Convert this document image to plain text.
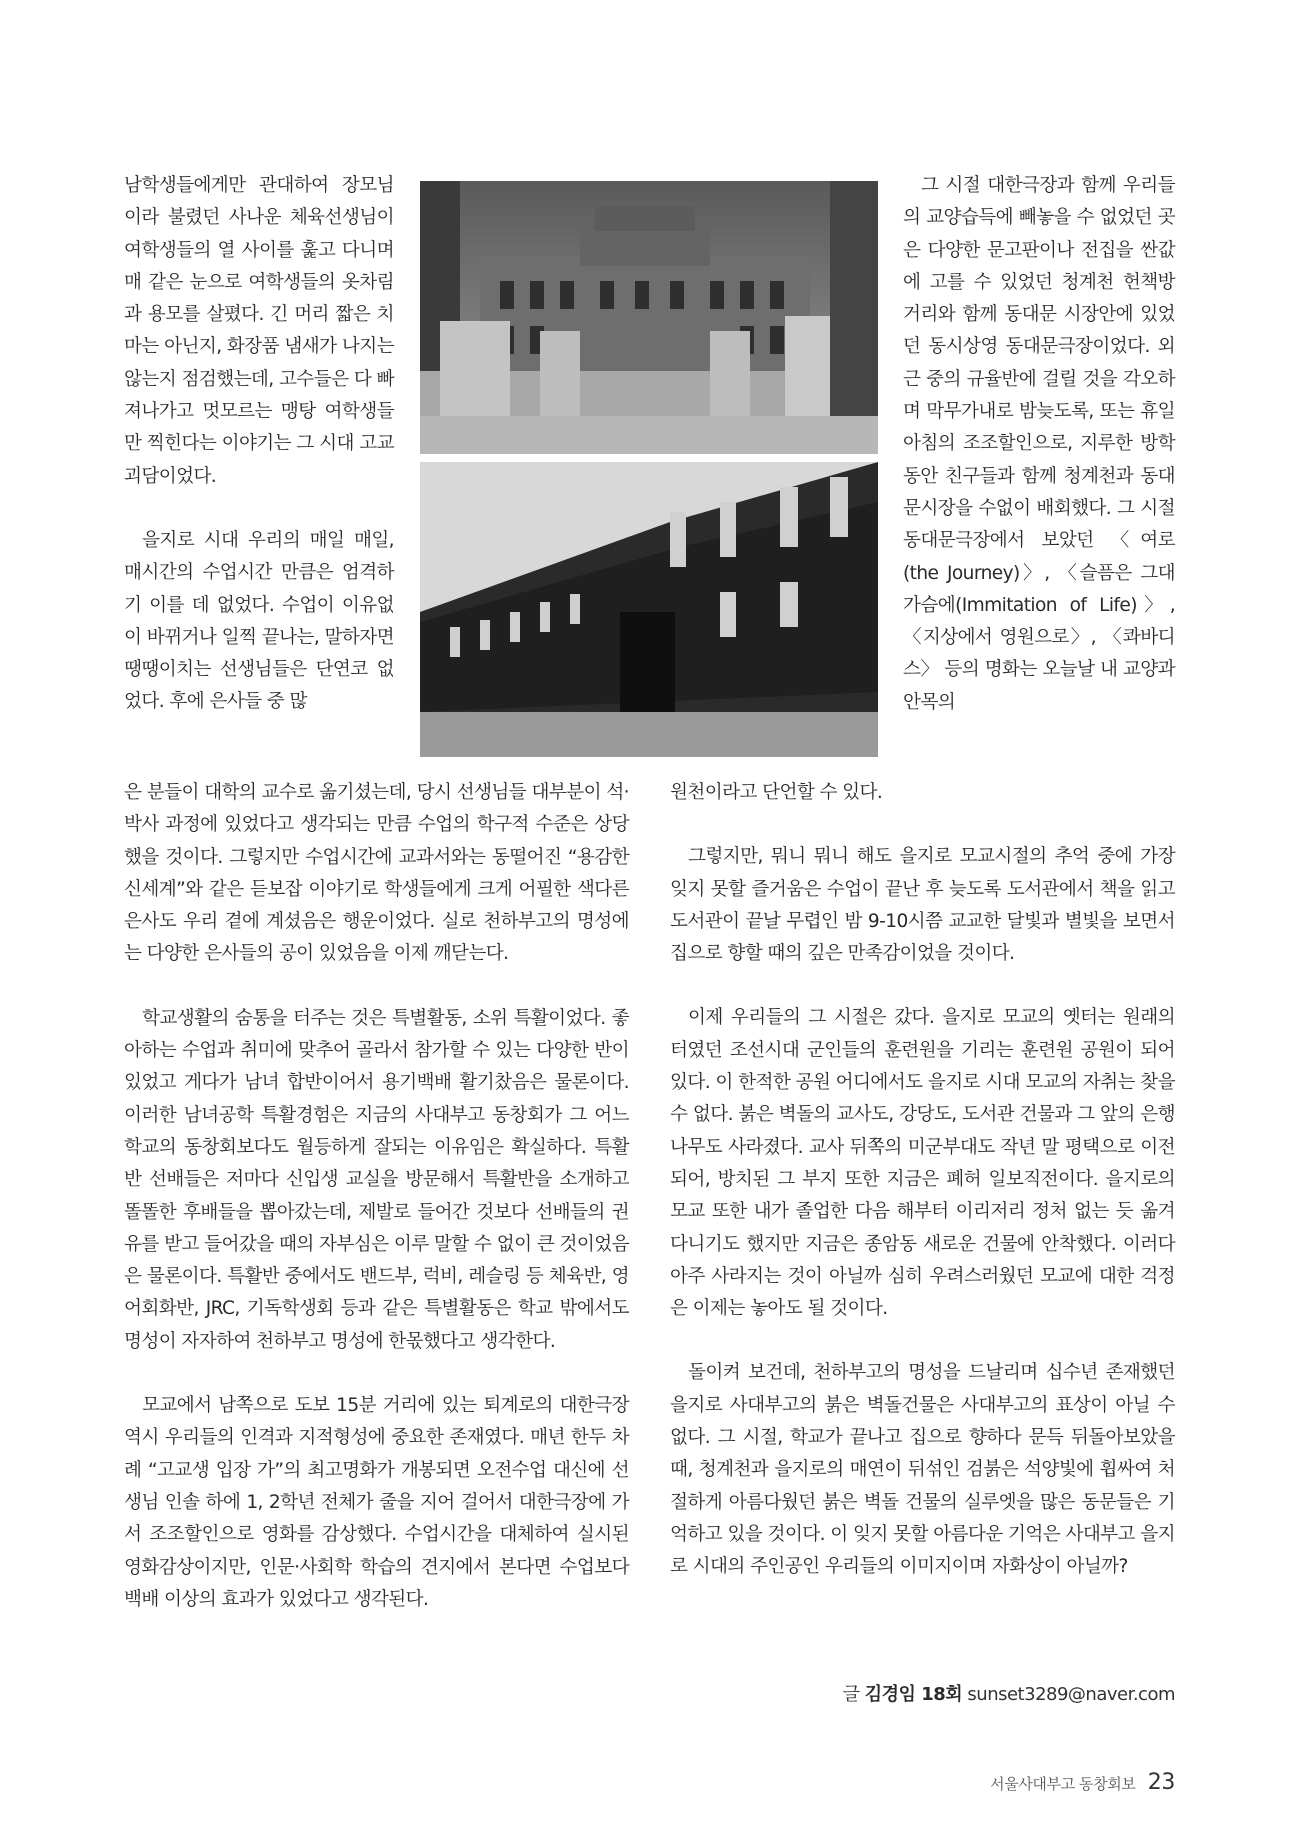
남학생들에게만 관대하여 장모님이라 불렸던 사나운 체육선생님이 여학생들의 열 사이를 훑고 다니며 매 같은 눈으로 여학생들의 옷차림과 용모를 살폈다. 긴 머리 짧은 치마는 아닌지, 화장품 냄새가 나지는 않는지 점검했는데, 고수들은 다 빠져나가고 멋모르는 맹탕 여학생들만 찍힌다는 이야기는 그 시대 고교괴담이었다.

을지로 시대 우리의 매일 매일, 매시간의 수업시간 만큼은 엄격하기 이를 데 없었다. 수업이 이유없이 바뀌거나 일찍 끝나는, 말하자면 땡땡이치는 선생님들은 단연코 없었다. 후에 은사들 중 많

그 시절 대한극장과 함께 우리들의 교양습득에 빼놓을 수 없었던 곳은 다양한 문고판이나 전집을 싼값에 고를 수 있었던 청계천 헌책방 거리와 함께 동대문 시장안에 있었던 동시상영 동대문극장이었다. 외근 중의 규율반에 걸릴 것을 각오하며 막무가내로 밤늦도록, 또는 휴일 아침의 조조할인으로, 지루한 방학 동안 친구들과 함께 청계천과 동대문시장을 수없이 배회했다. 그 시절 동대문극장에서 보았던 〈여로(the Journey)〉, 〈슬픔은 그대 가슴에(Immitation of Life)〉, 〈지상에서 영원으로〉, 〈콰바디스〉 등의 명화는 오늘날 내 교양과 안목의

은 분들이 대학의 교수로 옮기셨는데, 당시 선생님들 대부분이 석·박사 과정에 있었다고 생각되는 만큼 수업의 학구적 수준은 상당했을 것이다. 그렇지만 수업시간에 교과서와는 동떨어진 “용감한 신세계”와 같은 듣보잡 이야기로 학생들에게 크게 어필한 색다른 은사도 우리 곁에 계셨음은 행운이었다. 실로 천하부고의 명성에는 다양한 은사들의 공이 있었음을 이제 깨닫는다.

학교생활의 숨통을 터주는 것은 특별활동, 소위 특활이었다. 좋아하는 수업과 취미에 맞추어 골라서 참가할 수 있는 다양한 반이 있었고 게다가 남녀 합반이어서 용기백배 활기찼음은 물론이다. 이러한 남녀공학 특활경험은 지금의 사대부고 동창회가 그 어느 학교의 동창회보다도 월등하게 잘되는 이유임은 확실하다. 특활반 선배들은 저마다 신입생 교실을 방문해서 특활반을 소개하고 똘똘한 후배들을 뽑아갔는데, 제발로 들어간 것보다 선배들의 권유를 받고 들어갔을 때의 자부심은 이루 말할 수 없이 큰 것이었음은 물론이다. 특활반 중에서도 밴드부, 럭비, 레슬링 등 체육반, 영어회화반, JRC, 기독학생회 등과 같은 특별활동은 학교 밖에서도 명성이 자자하여 천하부고 명성에 한몫했다고 생각한다.

모교에서 남쪽으로 도보 15분 거리에 있는 퇴계로의 대한극장 역시 우리들의 인격과 지적형성에 중요한 존재였다. 매년 한두 차례 “고교생 입장 가”의 최고명화가 개봉되면 오전수업 대신에 선생님 인솔 하에 1, 2학년 전체가 줄을 지어 걸어서 대한극장에 가서 조조할인으로 영화를 감상했다. 수업시간을 대체하여 실시된 영화감상이지만, 인문·사회학 학습의 견지에서 본다면 수업보다 백배 이상의 효과가 있었다고 생각된다.

원천이라고 단언할 수 있다.

그렇지만, 뭐니 뭐니 해도 을지로 모교시절의 추억 중에 가장 잊지 못할 즐거움은 수업이 끝난 후 늦도록 도서관에서 책을 읽고 도서관이 끝날 무렵인 밤 9-10시쯤 교교한 달빛과 별빛을 보면서 집으로 향할 때의 깊은 만족감이었을 것이다.

이제 우리들의 그 시절은 갔다. 을지로 모교의 옛터는 원래의 터였던 조선시대 군인들의 훈련원을 기리는 훈련원 공원이 되어 있다. 이 한적한 공원 어디에서도 을지로 시대 모교의 자취는 찾을 수 없다. 붉은 벽돌의 교사도, 강당도, 도서관 건물과 그 앞의 은행나무도 사라졌다. 교사 뒤쪽의 미군부대도 작년 말 평택으로 이전되어, 방치된 그 부지 또한 지금은 폐허 일보직전이다. 을지로의 모교 또한 내가 졸업한 다음 해부터 이리저리 정처 없는 듯 옮겨 다니기도 했지만 지금은 종암동 새로운 건물에 안착했다. 이러다 아주 사라지는 것이 아닐까 심히 우려스러웠던 모교에 대한 걱정은 이제는 놓아도 될 것이다.

돌이켜 보건데, 천하부고의 명성을 드날리며 십수년 존재했던 을지로 사대부고의 붉은 벽돌건물은 사대부고의 표상이 아닐 수 없다. 그 시절, 학교가 끝나고 집으로 향하다 문득 뒤돌아보았을 때, 청계천과 을지로의 매연이 뒤섞인 검붉은 석양빛에 휩싸여 처절하게 아름다웠던 붉은 벽돌 건물의 실루엣을 많은 동문들은 기억하고 있을 것이다. 이 잊지 못할 아름다운 기억은 사대부고 을지로 시대의 주인공인 우리들의 이미지이며 자화상이 아닐까?

글 김경임 18회 sunset3289@naver.com
서울사대부고 동창회보 23
